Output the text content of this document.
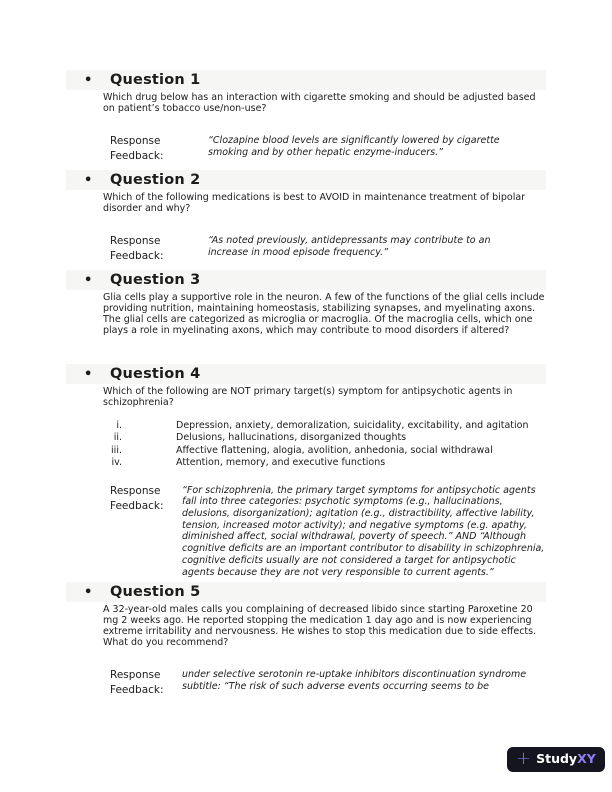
•	Question 1

Which drug below has an interaction with cigarette smoking and should be adjusted based on patient’s tobacco use/non-use?

Response Feedback:
“Clozapine blood levels are significantly lowered by cigarette smoking and by other hepatic enzyme-inducers.”
•	Question 2

Which of the following medications is best to AVOID in maintenance treatment of bipolar disorder and why?

Response Feedback:
“As noted previously, antidepressants may contribute to an increase in mood episode frequency.”
•	Question 3

Glia cells play a supportive role in the neuron. A few of the functions of the glial cells include providing nutrition, maintaining homeostasis, stabilizing synapses, and myelinating axons. The glial cells are categorized as microglia or macroglia. Of the macroglia cells, which one plays a role in myelinating axons, which may contribute to mood disorders if altered?

•	Question 4

Which of the following are NOT primary target(s) symptom for antipsychotic agents in schizophrenia?

i.	Depression, anxiety, demoralization, suicidality, excitability, and agitation
ii.	Delusions, hallucinations, disorganized thoughts
iii.	Affective flattening, alogia, avolition, anhedonia, social withdrawal
iv.	Attention, memory, and executive functions
Response Feedback:
“For schizophrenia, the primary target symptoms for antipsychotic agents fall into three categories: psychotic symptoms (e.g., hallucinations, delusions, disorganization); agitation (e.g., distractibility, affective lability, tension, increased motor activity); and negative symptoms (e.g. apathy, diminished affect, social withdrawal, poverty of speech.” AND “Although cognitive deficits are an important contributor to disability in schizophrenia, cognitive deficits usually are not considered a target for antipsychotic agents because they are not very responsible to current agents.”
•	Question 5

A 32-year-old males calls you complaining of decreased libido since starting Paroxetine 20 mg 2 weeks ago. He reported stopping the medication 1 day ago and is now experiencing extreme irritability and nervousness. He wishes to stop this medication due to side effects. What do you recommend?

Response Feedback:
under selective serotonin re-uptake inhibitors discontinuation syndrome subtitle: “The risk of such adverse events occurring seems to be
+ StudyXY
